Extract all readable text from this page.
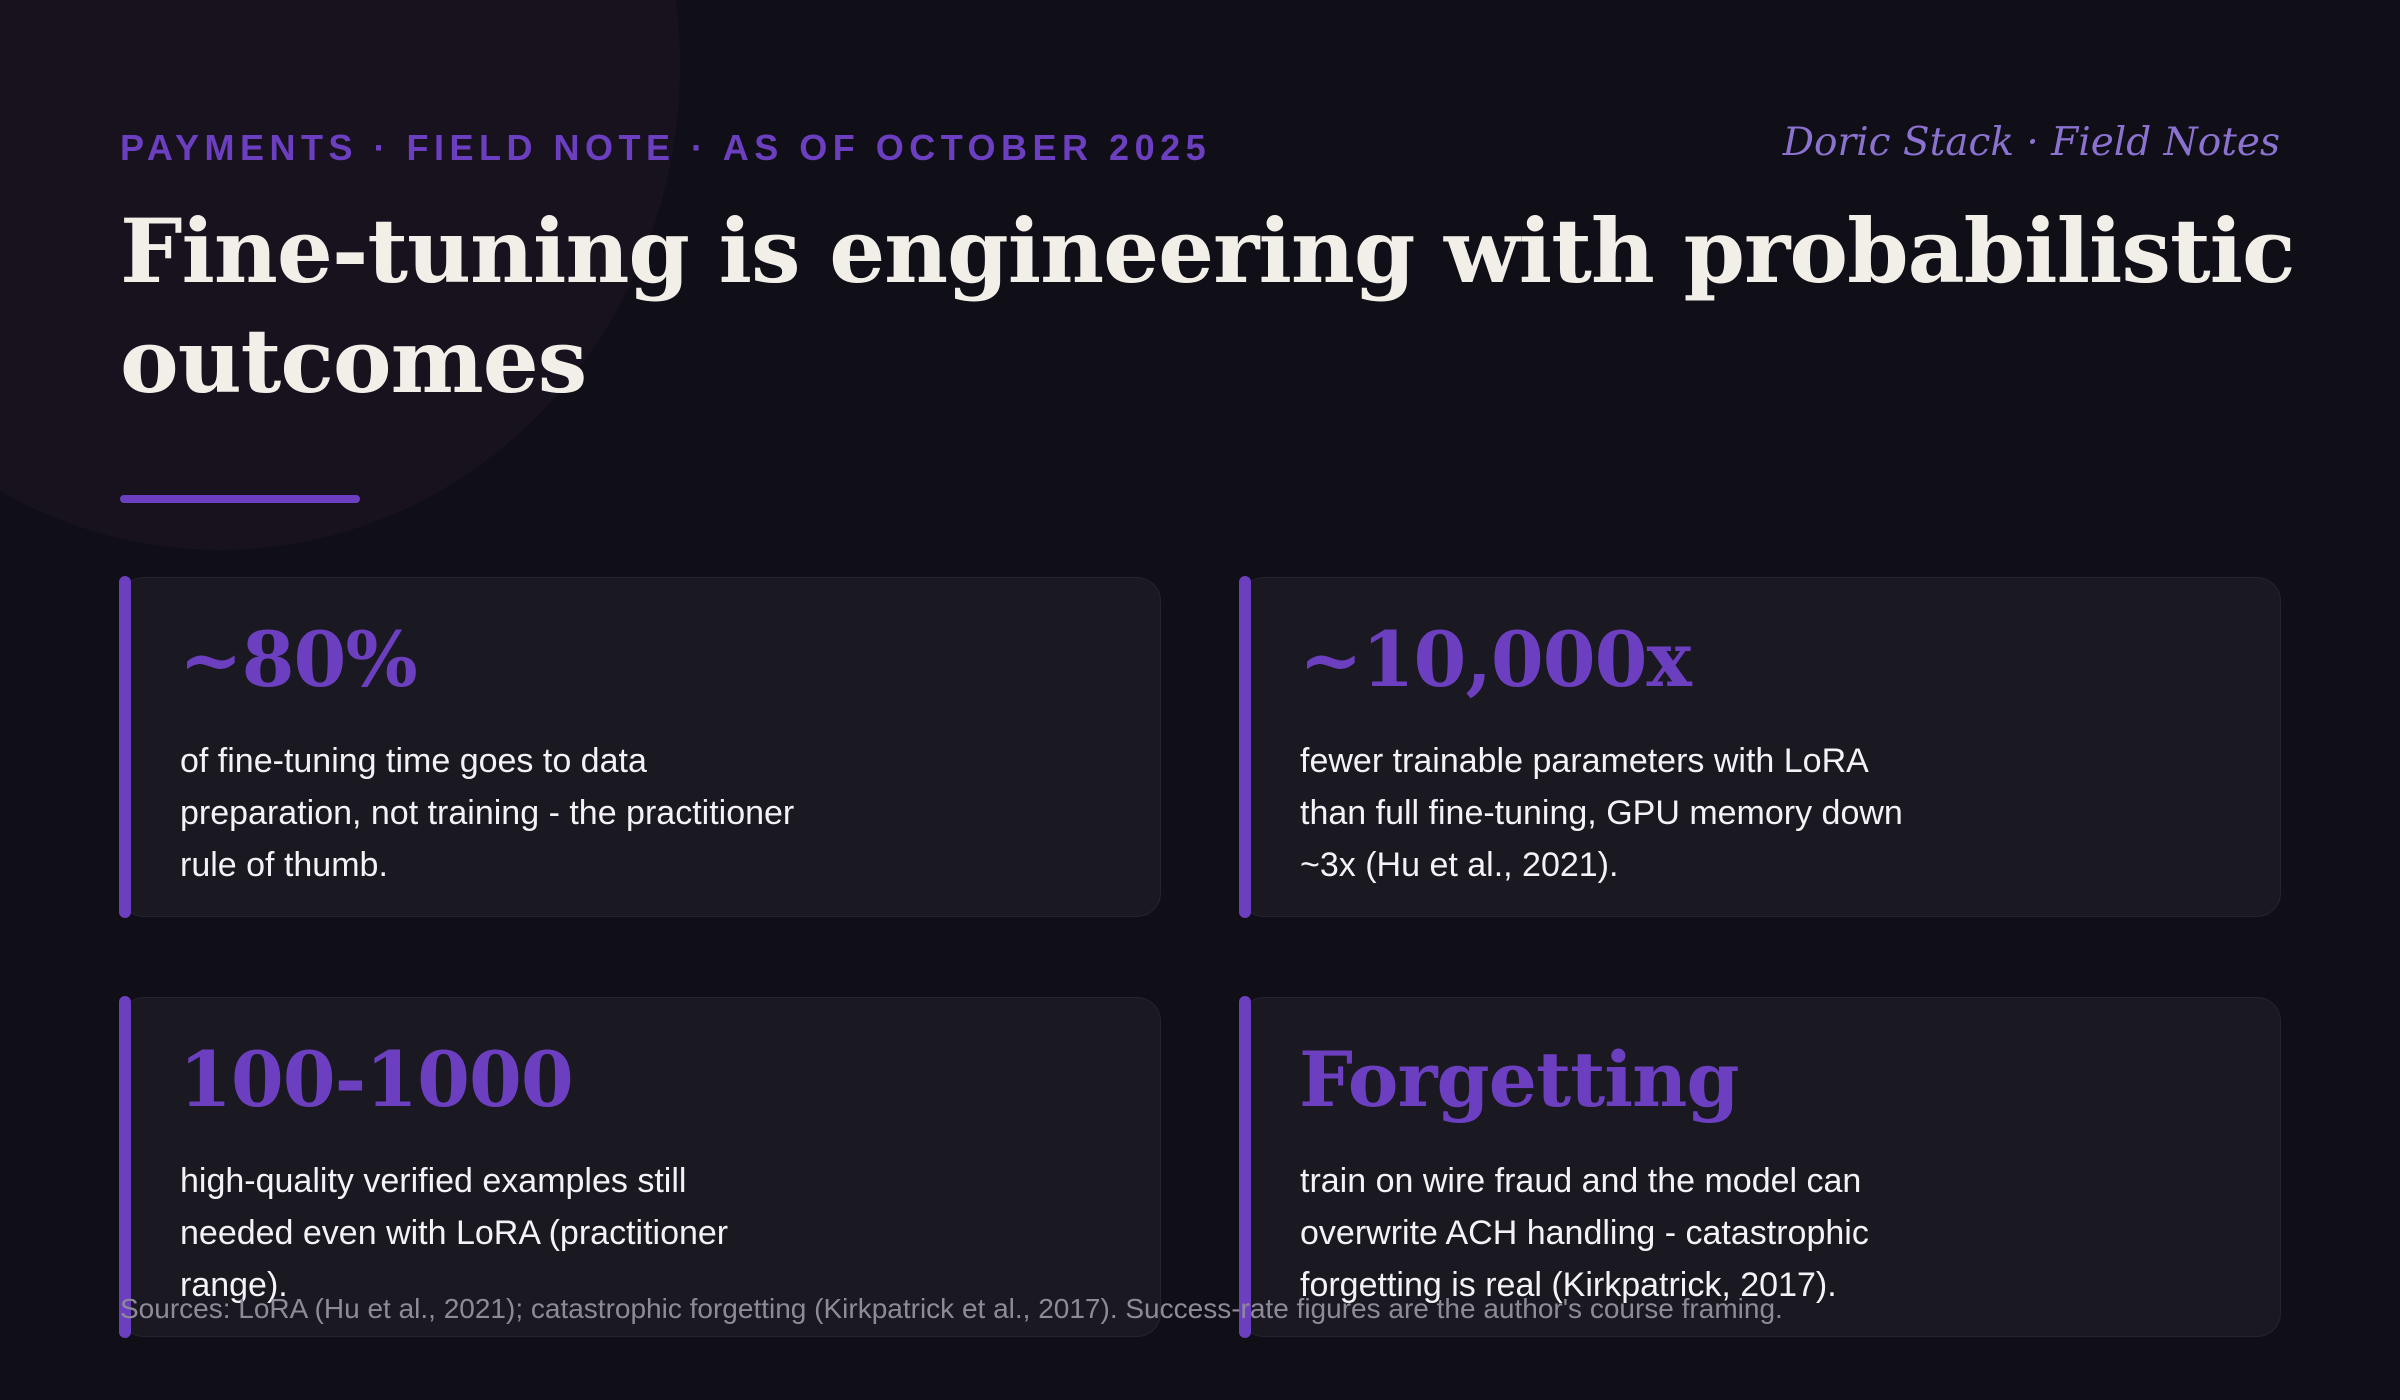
PAYMENTS · FIELD NOTE · AS OF OCTOBER 2025	Doric Stack · Field Notes
Fine-tuning is engineering with probabilistic outcomes
~80%

of fine-tuning time goes to data preparation, not training - the practitioner rule of thumb.

~10,000x

fewer trainable parameters with LoRA than full fine-tuning, GPU memory down ~3x (Hu et al., 2021).

100-1000

high-quality verified examples still needed even with LoRA (practitioner range).

Forgetting

train on wire fraud and the model can overwrite ACH handling - catastrophic forgetting is real (Kirkpatrick, 2017).

Sources: LoRA (Hu et al., 2021); catastrophic forgetting (Kirkpatrick et al., 2017). Success-rate figures are the author's course framing.
